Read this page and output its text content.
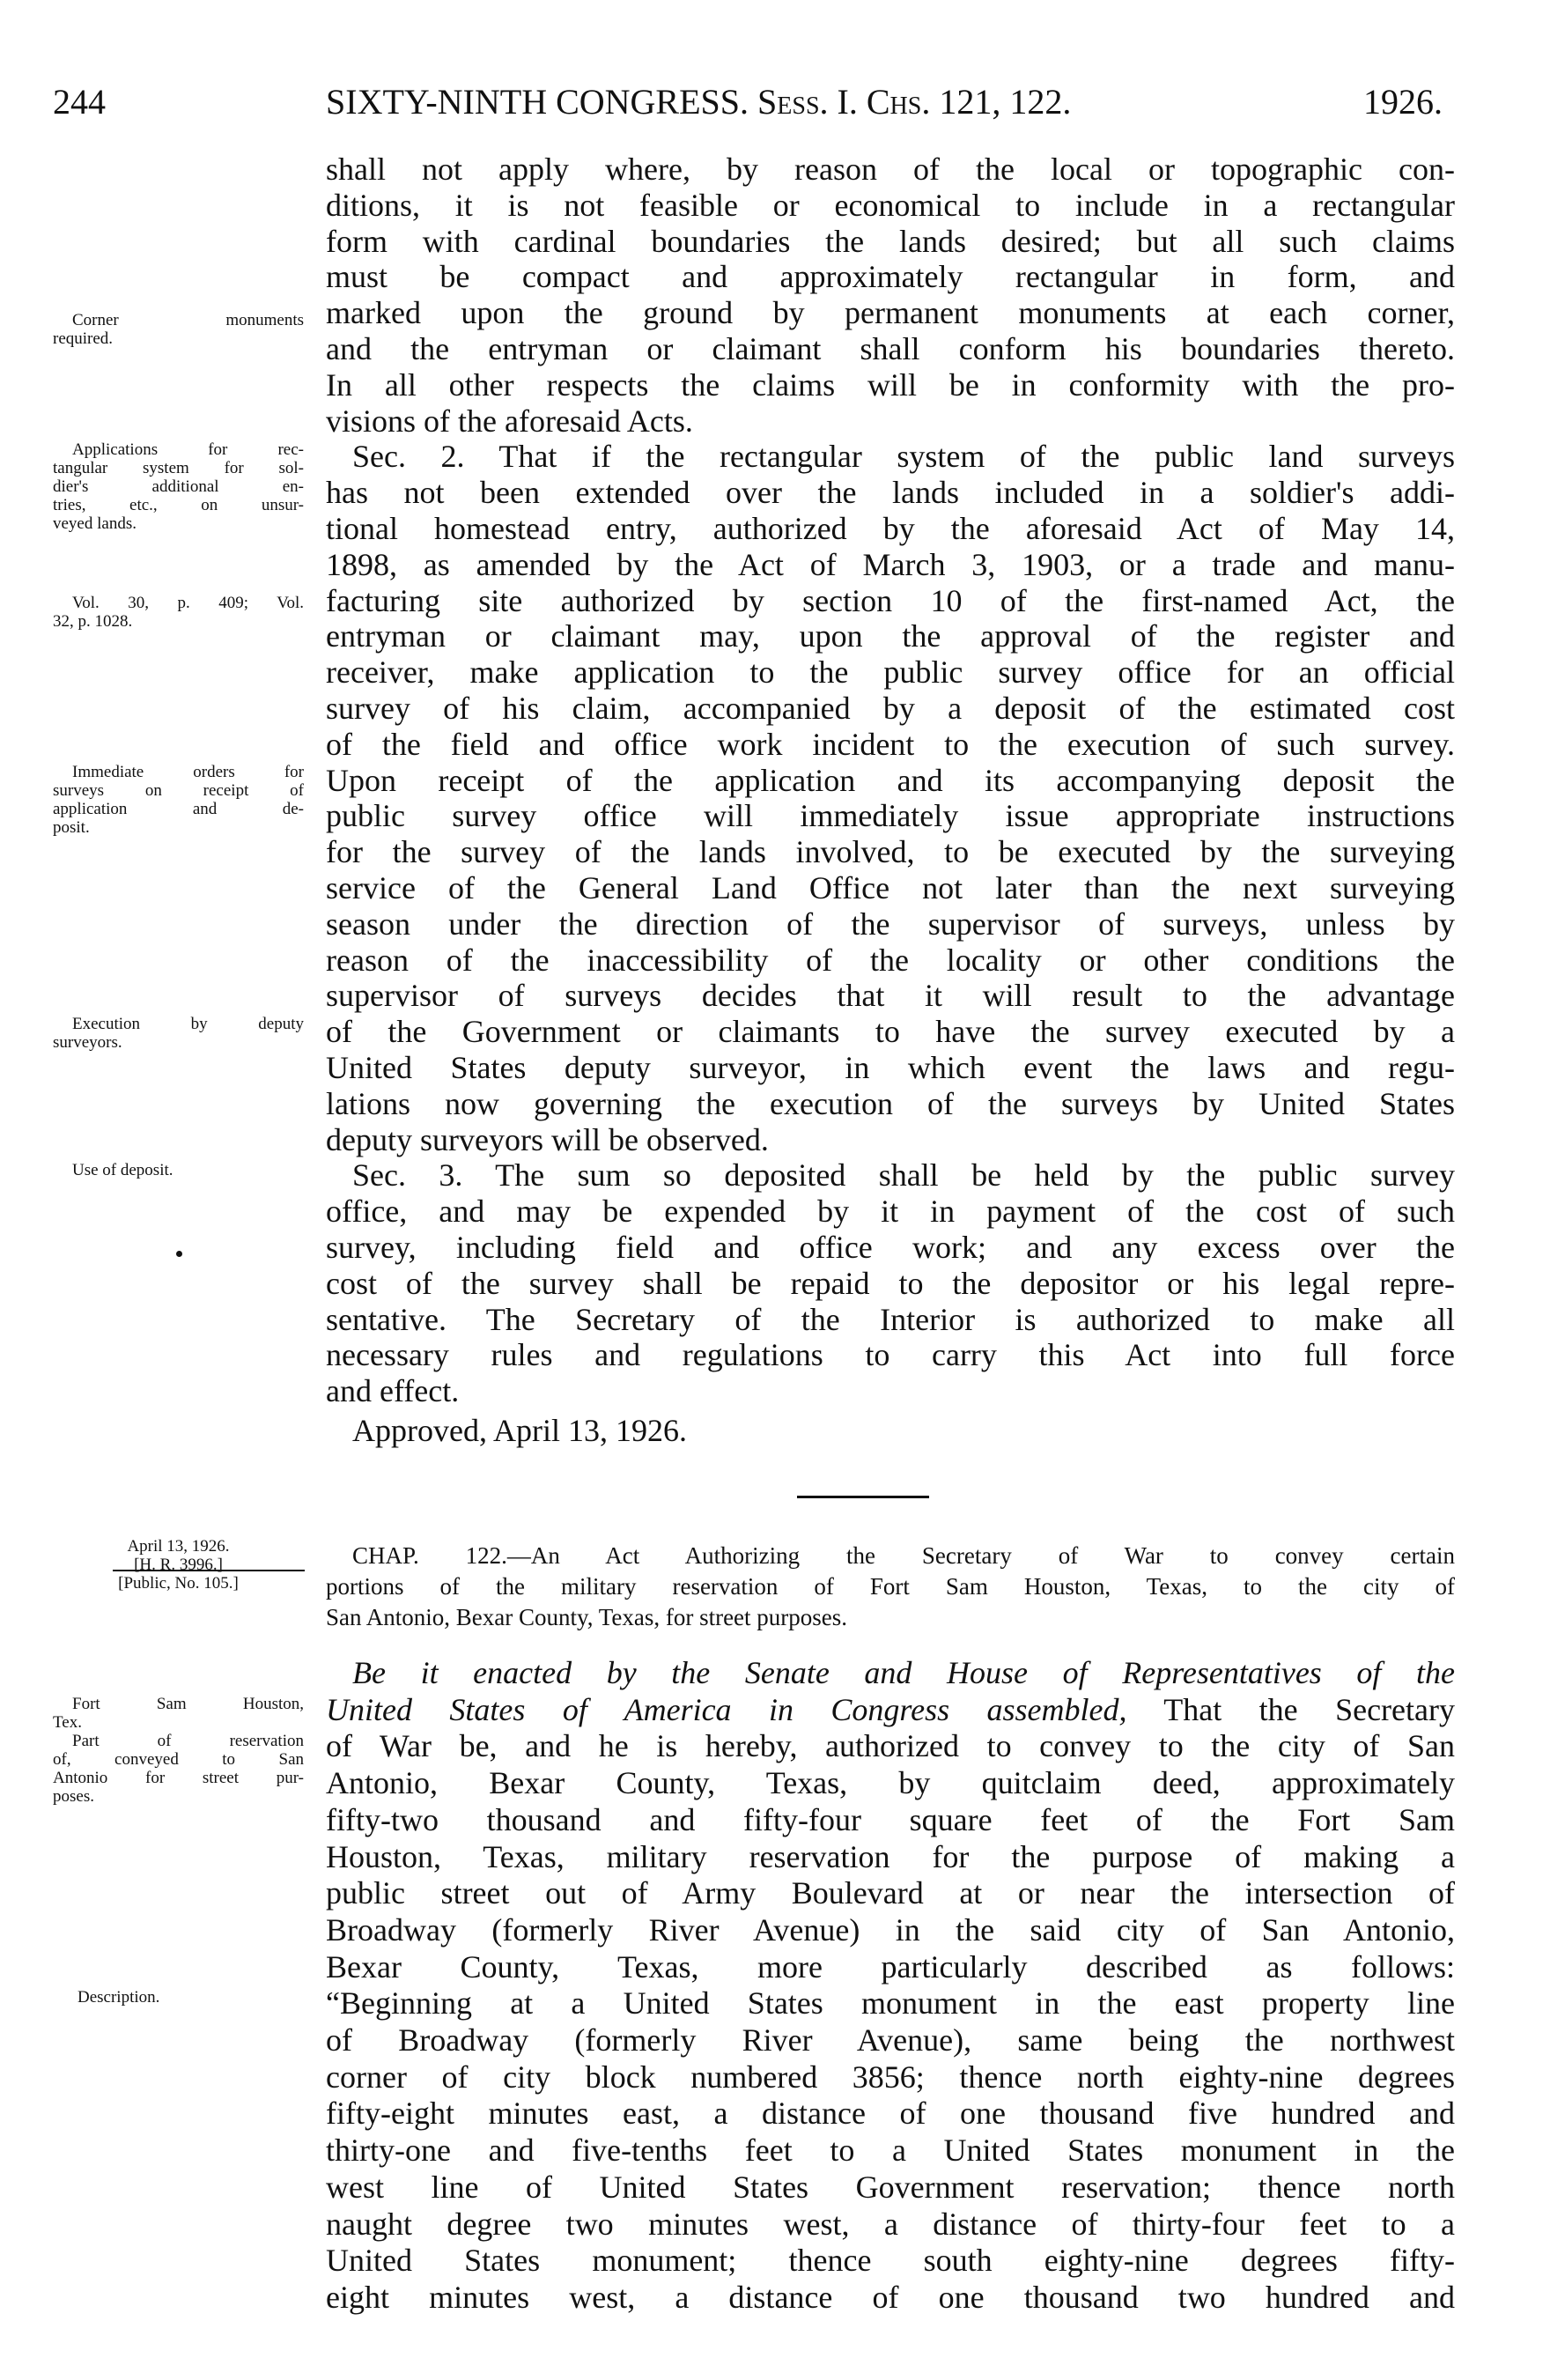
244	SIXTY-NINTH CONGRESS. Sess. I. Chs. 121, 122.	1926.
shall not apply where, by reason of the local or topographic con-
ditions, it is not feasible or economical to include in a rectangular
form with cardinal boundaries the lands desired; but all such claims
must be compact and approximately rectangular in form, and
marked upon the ground by permanent monuments at each corner,
and the entryman or claimant shall conform his boundaries thereto.
In all other respects the claims will be in conformity with the pro-
visions of the aforesaid Acts.
Sec. 2. That if the rectangular system of the public land surveys
has not been extended over the lands included in a soldier's addi-
tional homestead entry, authorized by the aforesaid Act of May 14,
1898, as amended by the Act of March 3, 1903, or a trade and manu-
facturing site authorized by section 10 of the first-named Act, the
entryman or claimant may, upon the approval of the register and
receiver, make application to the public survey office for an official
survey of his claim, accompanied by a deposit of the estimated cost
of the field and office work incident to the execution of such survey.
Upon receipt of the application and its accompanying deposit the
public survey office will immediately issue appropriate instructions
for the survey of the lands involved, to be executed by the surveying
service of the General Land Office not later than the next surveying
season under the direction of the supervisor of surveys, unless by
reason of the inaccessibility of the locality or other conditions the
supervisor of surveys decides that it will result to the advantage
of the Government or claimants to have the survey executed by a
United States deputy surveyor, in which event the laws and regu-
lations now governing the execution of the surveys by United States
deputy surveyors will be observed.
Sec. 3. The sum so deposited shall be held by the public survey
office, and may be expended by it in payment of the cost of such
survey, including field and office work; and any excess over the
cost of the survey shall be repaid to the depositor or his legal repre-
sentative. The Secretary of the Interior is authorized to make all
necessary rules and regulations to carry this Act into full force
and effect.
Approved, April 13, 1926.
CHAP. 122.—An Act Authorizing the Secretary of War to convey certain
portions of the military reservation of Fort Sam Houston, Texas, to the city of
San Antonio, Bexar County, Texas, for street purposes.
Be it enacted by the Senate and House of Representatives of the
United States of America in Congress assembled, That the Secretary
of War be, and he is hereby, authorized to convey to the city of San
Antonio, Bexar County, Texas, by quitclaim deed, approximately
fifty-two thousand and fifty-four square feet of the Fort Sam
Houston, Texas, military reservation for the purpose of making a
public street out of Army Boulevard at or near the intersection of
Broadway (formerly River Avenue) in the said city of San Antonio,
Bexar County, Texas, more particularly described as follows:
“Beginning at a United States monument in the east property line
of Broadway (formerly River Avenue), same being the northwest
corner of city block numbered 3856; thence north eighty-nine degrees
fifty-eight minutes east, a distance of one thousand five hundred and
thirty-one and five-tenths feet to a United States monument in the
west line of United States Government reservation; thence north
naught degree two minutes west, a distance of thirty-four feet to a
United States monument; thence south eighty-nine degrees fifty-
eight minutes west, a distance of one thousand two hundred and
Corner monuments
required.
Applications for rec-
tangular system for sol-
dier's additional en-
tries, etc., on unsur-
veyed lands.
Vol. 30, p. 409; Vol.
32, p. 1028.
Immediate orders for
surveys on receipt of
application and de-
posit.
Execution by deputy
surveyors.
Use of deposit.
April 13, 1926.
[H. R. 3996.]
[Public, No. 105.]
Fort Sam Houston,
Tex.
Part of reservation
of, conveyed to San
Antonio for street pur-
poses.
Description.
